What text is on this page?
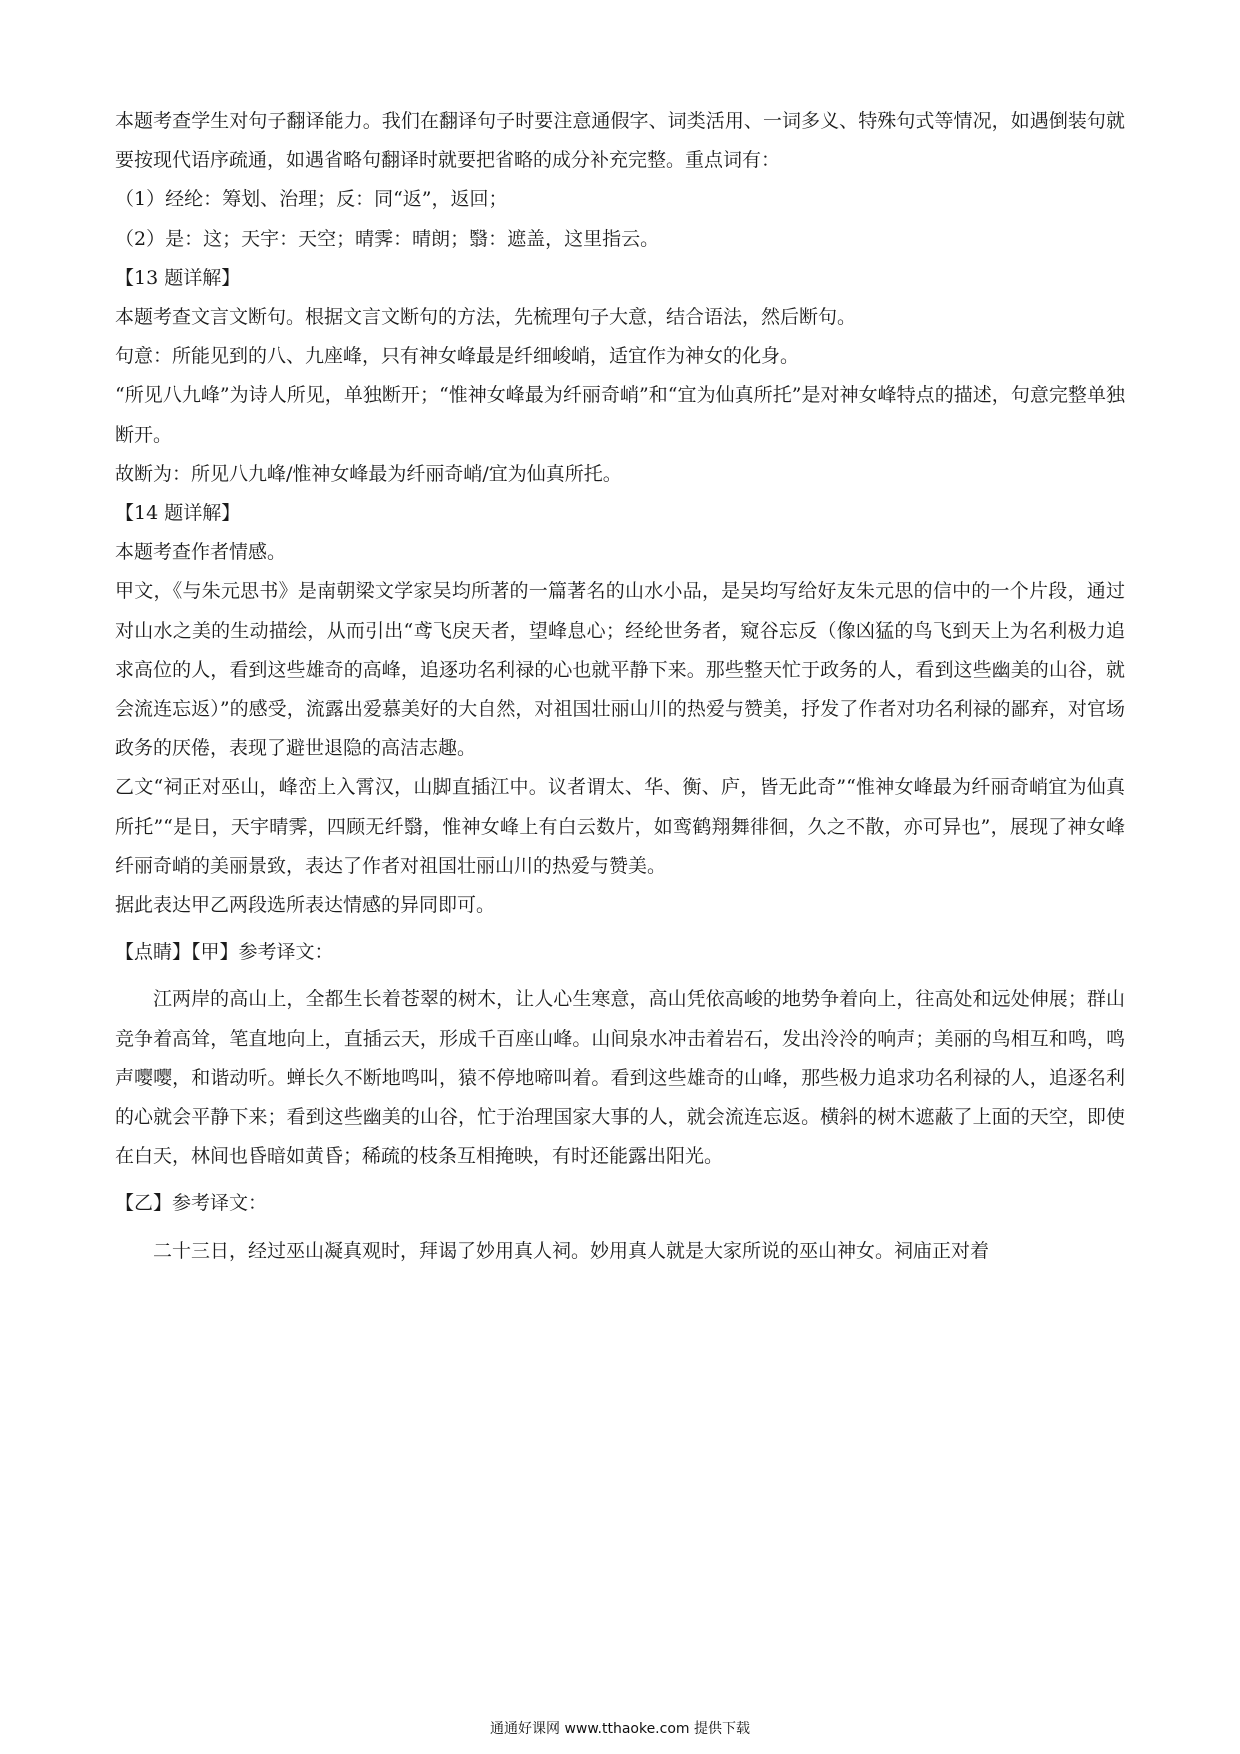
本题考查学生对句子翻译能力。我们在翻译句子时要注意通假字、词类活用、一词多义、特殊句式等情况，如遇倒装句就要按现代语序疏通，如遇省略句翻译时就要把省略的成分补充完整。重点词有：

（1）经纶：筹划、治理；反：同“返”，返回；

（2）是：这；天宇：天空；晴霁：晴朗；翳：遮盖，这里指云。

【13 题详解】

本题考查文言文断句。根据文言文断句的方法，先梳理句子大意，结合语法，然后断句。

句意：所能见到的八、九座峰，只有神女峰最是纤细峻峭，适宜作为神女的化身。

“所见八九峰”为诗人所见，单独断开；“惟神女峰最为纤丽奇峭”和“宜为仙真所托”是对神女峰特点的描述，句意完整单独断开。

故断为：所见八九峰/惟神女峰最为纤丽奇峭/宜为仙真所托。

【14 题详解】

本题考查作者情感。

甲文，《与朱元思书》是南朝梁文学家吴均所著的一篇著名的山水小品，是吴均写给好友朱元思的信中的一个片段，通过对山水之美的生动描绘，从而引出“鸢飞戾天者，望峰息心；经纶世务者，窥谷忘反（像凶猛的鸟飞到天上为名利极力追求高位的人，看到这些雄奇的高峰，追逐功名利禄的心也就平静下来。那些整天忙于政务的人，看到这些幽美的山谷，就会流连忘返）”的感受，流露出爱慕美好的大自然，对祖国壮丽山川的热爱与赞美，抒发了作者对功名利禄的鄙弃，对官场政务的厌倦，表现了避世退隐的高洁志趣。

乙文“祠正对巫山，峰峦上入霄汉，山脚直插江中。议者谓太、华、衡、庐，皆无此奇”“惟神女峰最为纤丽奇峭宜为仙真所托”“是日，天宇晴霁，四顾无纤翳，惟神女峰上有白云数片，如鸾鹤翔舞徘徊，久之不散，亦可异也”，展现了神女峰纤丽奇峭的美丽景致，表达了作者对祖国壮丽山川的热爱与赞美。

据此表达甲乙两段选所表达情感的异同即可。

【点睛】【甲】参考译文：

江两岸的高山上，全都生长着苍翠的树木，让人心生寒意，高山凭依高峻的地势争着向上，往高处和远处伸展；群山竞争着高耸，笔直地向上，直插云天，形成千百座山峰。山间泉水冲击着岩石，发出泠泠的响声；美丽的鸟相互和鸣，鸣声嘤嘤，和谐动听。蝉长久不断地鸣叫，猿不停地啼叫着。看到这些雄奇的山峰，那些极力追求功名利禄的人，追逐名利的心就会平静下来；看到这些幽美的山谷，忙于治理国家大事的人，就会流连忘返。横斜的树木遮蔽了上面的天空，即使在白天，林间也昏暗如黄昏；稀疏的枝条互相掩映，有时还能露出阳光。

【乙】参考译文：

二十三日，经过巫山凝真观时，拜谒了妙用真人祠。妙用真人就是大家所说的巫山神女。祠庙正对着

通通好课网 www.tthaoke.com 提供下载
